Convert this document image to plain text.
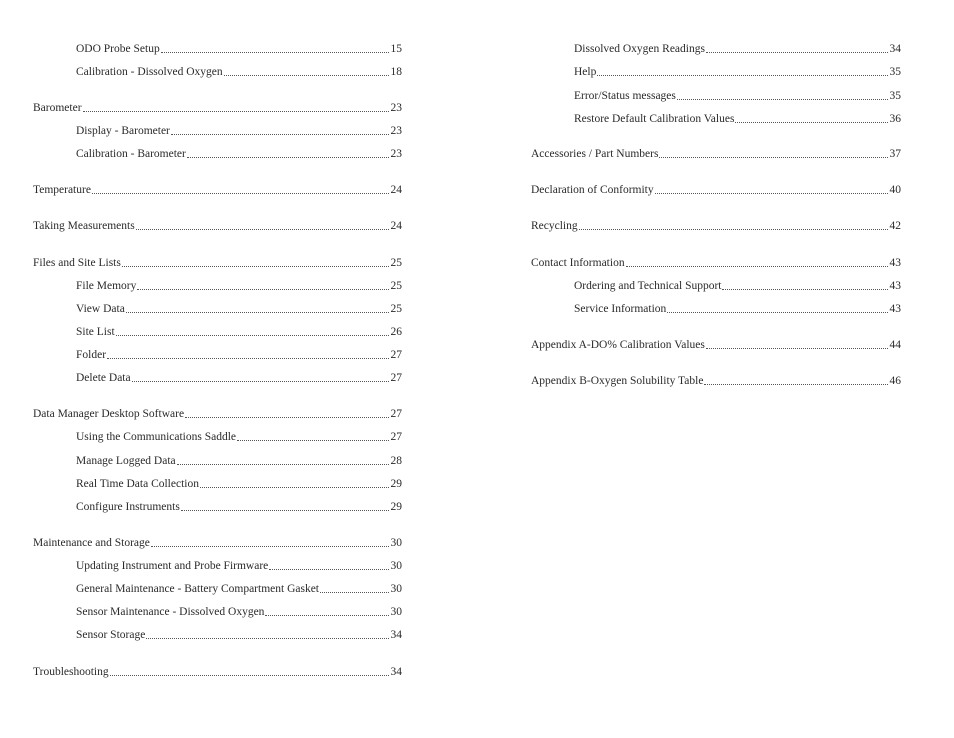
ODO Probe Setup	15
Calibration - Dissolved Oxygen	18
Barometer	23
Display - Barometer	23
Calibration - Barometer	23
Temperature	24
Taking Measurements	24
Files and Site Lists	25
File Memory	25
View Data	25
Site List	26
Folder	27
Delete Data	27
Data Manager Desktop Software	27
Using the Communications Saddle	27
Manage Logged Data	28
Real Time Data Collection	29
Configure Instruments	29
Maintenance and Storage	30
Updating Instrument and Probe Firmware	30
General Maintenance - Battery Compartment Gasket	30
Sensor Maintenance - Dissolved Oxygen	30
Sensor Storage	34
Troubleshooting	34
Dissolved Oxygen Readings	34
Help	35
Error/Status messages	35
Restore Default Calibration Values	36
Accessories / Part Numbers	37
Declaration of Conformity	40
Recycling	42
Contact Information	43
Ordering and Technical Support	43
Service Information	43
Appendix A-DO% Calibration Values	44
Appendix B-Oxygen Solubility Table	46
